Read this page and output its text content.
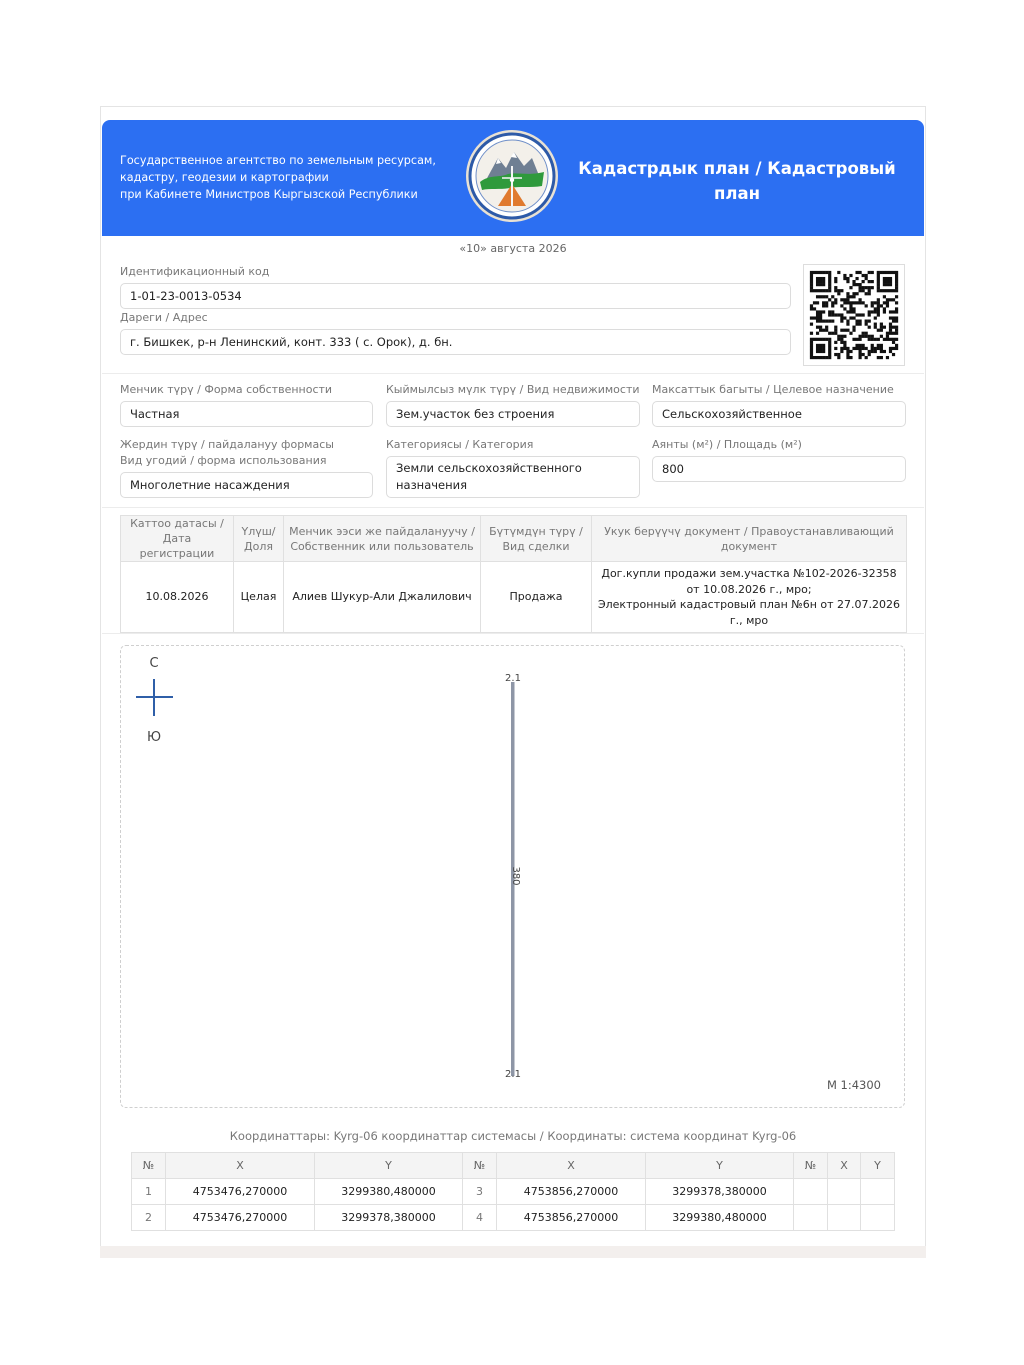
Государственное агентство по земельным ресурсам,
кадастру, геодезии и картографии
при Кабинете Министров Кыргызской Республики
Кадастрдык план / Кадастровый план
«10» августа 2026
Идентификационный код
1-01-23-0013-0534
Дареги / Адрес
г. Бишкек, р-н Ленинский, конт. 333 ( с. Орок), д. бн.
Менчик түрү / Форма собственности
Частная
Кыймылсыз мүлк түрү / Вид недвижимости
Зем.участок без строения
Максаттык багыты / Целевое назначение
Сельскохозяйственное
Жердин түрү / пайдалануу формасы
Вид угодий / форма использования
Многолетние насаждения
Категориясы / Категория
Земли сельскохозяйственного назначения
Аянты (м²) / Площадь (м²)
800
Каттоо датасы / Дата регистрации	Үлүш/ Доля	Менчик ээси же пайдалануучу / Собственник или пользователь	Бүтүмдүн түрү / Вид сделки	Укук берүүчү документ / Правоустанавливающий документ
10.08.2026	Целая	Алиев Шукур-Али Джалилович	Продажа	Дог.купли продажи зем.участка №102-2026-32358 от 10.08.2026 г., мро;
Электронный кадастровый план №6н от 27.07.2026 г., мро
С
Ю
2.1
380
2.1
М 1:4300
Координаттары: Kyrg-06 координаттар системасы / Координаты: система координат Kyrg-06
№	X	Y	№	X	Y	№	X	Y
1	4753476,270000	3299380,480000	3	4753856,270000	3299378,380000			
2	4753476,270000	3299378,380000	4	4753856,270000	3299380,480000			
